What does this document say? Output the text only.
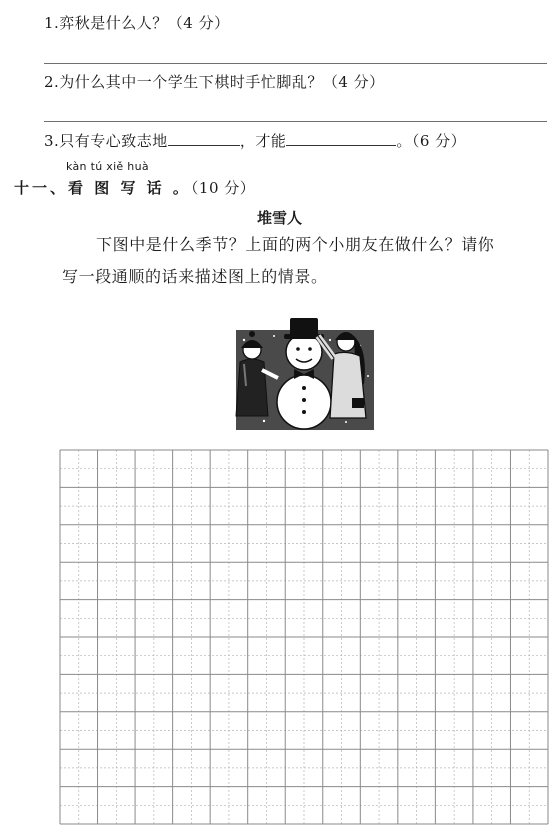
1.弈秋是什么人？（4 分）
2.为什么其中一个学生下棋时手忙脚乱？（4 分）
3.只有专心致志地	，才能	。（6 分）
kàn tú xiě huà
十一、看 图 写 话 。（10 分）
堆雪人
下图中是什么季节？上面的两个小朋友在做什么？请你
写一段通顺的话来描述图上的情景。
